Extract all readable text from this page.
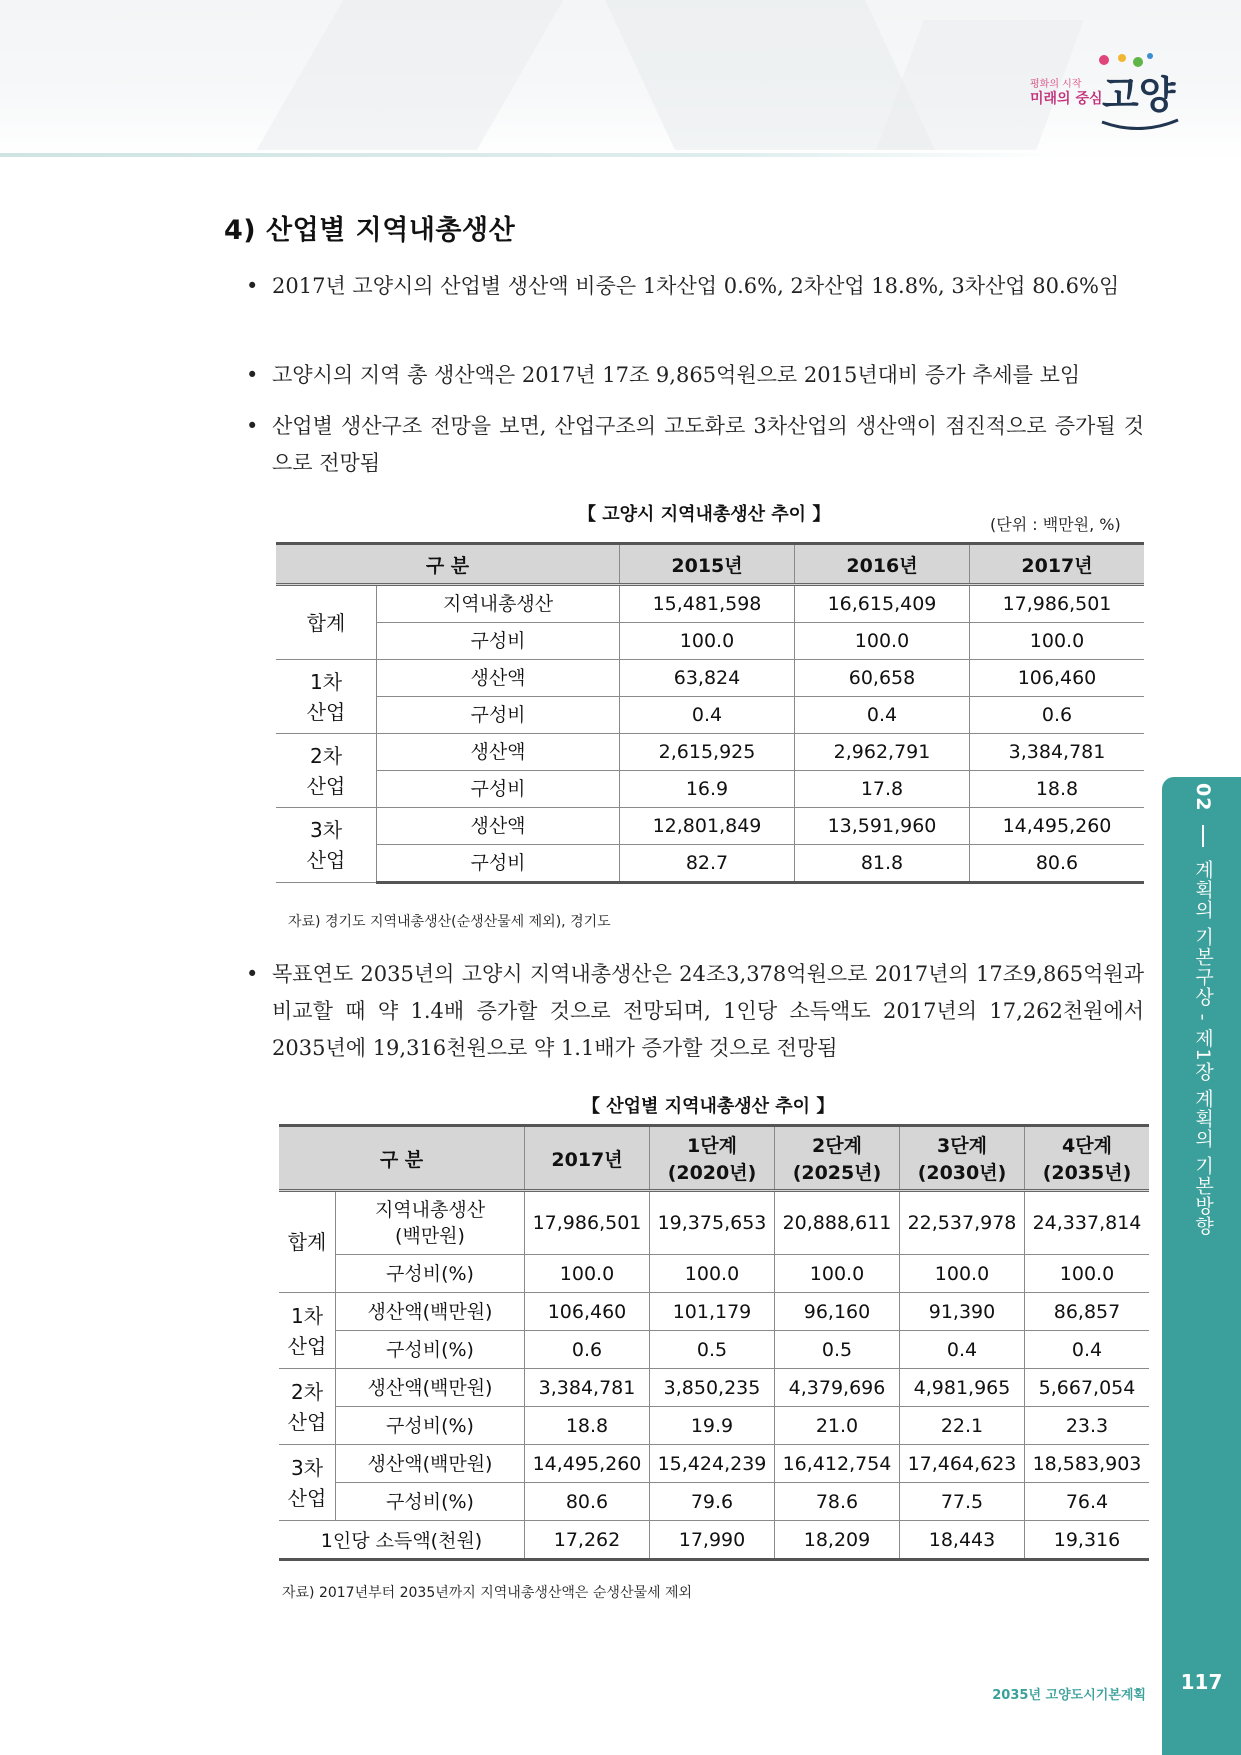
평화의 시작
미래의 중심 고양
4) 산업별 지역내총생산
• 2017년 고양시의 산업별 생산액 비중은 1차산업 0.6%, 2차산업 18.8%, 3차산업 80.6%임
• 고양시의 지역 총 생산액은 2017년 17조 9,865억원으로 2015년대비 증가 추세를 보임
• 산업별 생산구조 전망을 보면, 산업구조의 고도화로 3차산업의 생산액이 점진적으로 증가될 것으로 전망됨
【 고양시 지역내총생산 추이 】	(단위 : 백만원, %)
구 분		2015년	2016년	2017년
합계	지역내총생산	15,481,598	16,615,409	17,986,501
	구성비	100.0	100.0	100.0
1차
산업	생산액	63,824	60,658	106,460
	구성비	0.4	0.4	0.6
2차
산업	생산액	2,615,925	2,962,791	3,384,781
	구성비	16.9	17.8	18.8
3차
산업	생산액	12,801,849	13,591,960	14,495,260
	구성비	82.7	81.8	80.6
자료) 경기도 지역내총생산(순생산물세 제외), 경기도
• 목표연도 2035년의 고양시 지역내총생산은 24조3,378억원으로 2017년의 17조9,865억원과 비교할 때 약 1.4배 증가할 것으로 전망되며, 1인당 소득액도 2017년의 17,262천원에서 2035년에 19,316천원으로 약 1.1배가 증가할 것으로 전망됨
【 산업별 지역내총생산 추이 】
구 분		2017년	1단계
(2020년)	2단계
(2025년)	3단계
(2030년)	4단계
(2035년)
합계	지역내총생산
(백만원)	17,986,501	19,375,653	20,888,611	22,537,978	24,337,814
	구성비(%)	100.0	100.0	100.0	100.0	100.0
1차
산업	생산액(백만원)	106,460	101,179	96,160	91,390	86,857
	구성비(%)	0.6	0.5	0.5	0.4	0.4
2차
산업	생산액(백만원)	3,384,781	3,850,235	4,379,696	4,981,965	5,667,054
	구성비(%)	18.8	19.9	21.0	22.1	23.3
3차
산업	생산액(백만원)	14,495,260	15,424,239	16,412,754	17,464,623	18,583,903
	구성비(%)	80.6	79.6	78.6	77.5	76.4
1인당 소득액(천원)		17,262	17,990	18,209	18,443	19,316
자료) 2017년부터 2035년까지 지역내총생산액은 순생산물세 제외
02  계획의 기본구상 - 제1장 계획의 기본방향
2035년 고양도시기본계획
117
